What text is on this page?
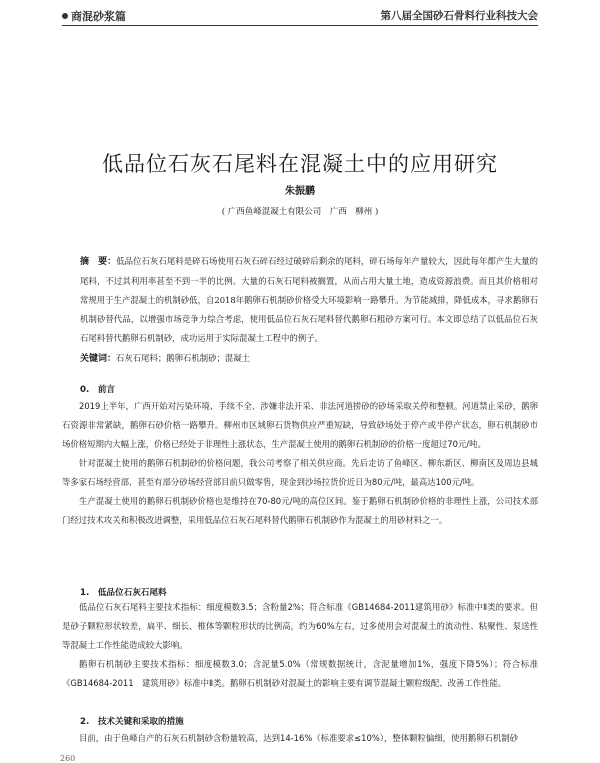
商混砂浆篇	第八届全国砂石骨料行业科技大会
低品位石灰石尾料在混凝土中的应用研究
朱振鹏
( 广西鱼峰混凝土有限公司　广西　柳州 )
摘　要：低品位石灰石尾料是碎石场使用石灰石碎石经过破碎后剩余的尾料，碎石场每年产量较大，因此每年都产生大量的尾料，不过其利用率甚至不到一半的比例。大量的石灰石尾料被搁置，从而占用大量土地，造成资源浪费。而且其价格相对常规用于生产混凝土的机制砂低，自2018年鹅卵石机制砂价格受大环境影响一路攀升。为节能减排，降低成本，寻求鹅卵石机制砂替代品，以增强市场竞争力综合考虑，使用低品位石灰石尾料替代鹅卵石粗砂方案可行。本文即总结了以低品位石灰石尾料替代鹅卵石机制砂，成功运用于实际混凝土工程中的例子。
关键词：石灰石尾料；鹅卵石机制砂；混凝土
0.　前言

2019上半年，广西开始对污染环境、手续不全、涉嫌非法开采、非法河道捞砂的砂场采取关停和整顿。河道禁止采砂，鹅卵石资源非常紧缺，鹅卵石砂价格一路攀升。柳州市区域卵石货物供应严重短缺，导致砂场处于停产或半停产状态，卵石机制砂市场价格短期内大幅上涨，价格已经处于非理性上涨状态，生产混凝土使用的鹅卵石机制砂的价格一度超过70元/吨。

针对混凝土使用的鹅卵石机制砂的价格问题，我公司考察了相关供应商。先后走访了鱼峰区、柳东新区、柳南区及周边县城等多家石场经营部，甚至有部分砂场经营部目前只做零售，现金到沙场拉货价近日为80元/吨，最高达100元/吨。

生产混凝土使用的鹅卵石机制砂价格也是维持在70-80元/吨的高位区间。鉴于鹅卵石机制砂价格的非理性上涨，公司技术部门经过技术攻关和积极改进调整，采用低品位石灰石尾料替代鹅卵石机制砂作为混凝土的用砂材料之一。

1.　低品位石灰石尾料

低品位石灰石尾料主要技术指标：细度模数3.5；含粉量2%；符合标准《GB14684-2011建筑用砂》标准中Ⅱ类的要求。但是砂子颗粒形状较差，扁平、细长、椎体等颗粒形状的比例高，约为60%左右，过多使用会对混凝土的流动性、粘聚性、泵送性等混凝土工作性能造成较大影响。

鹅卵石机制砂主要技术指标：细度模数3.0；含泥量5.0%（常规数据统计，含泥量增加1%，强度下降5%）；符合标准《GB14684-2011　建筑用砂》标准中Ⅱ类。鹅卵石机制砂对混凝土的影响主要有调节混凝土颗粒级配、改善工作性能。

2.　技术关键和采取的措施

目前，由于鱼峰自产的石灰石机制砂含粉量较高，达到14-16%（标准要求≤10%），整体颗粒偏细，使用鹅卵石机制砂

260
